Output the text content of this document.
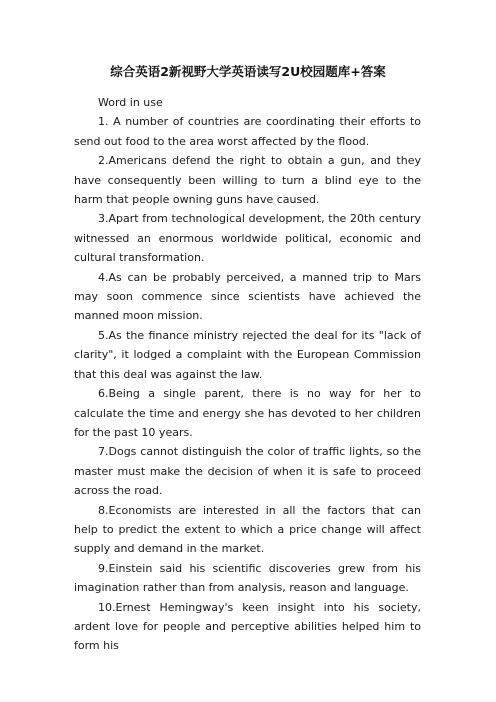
综合英语2新视野大学英语读写2U校园题库+答案

Word in use

1. A number of countries are coordinating their efforts to send out food to the area worst affected by the flood.

2.Americans defend the right to obtain a gun, and they have consequently been willing to turn a blind eye to the harm that people owning guns have caused.

3.Apart from technological development, the 20th century witnessed an enormous worldwide political, economic and cultural transformation.

4.As can be probably perceived, a manned trip to Mars may soon commence since scientists have achieved the manned moon mission.

5.As the finance ministry rejected the deal for its "lack of clarity", it lodged a complaint with the European Commission that this deal was against the law.

6.Being a single parent, there is no way for her to calculate the time and energy she has devoted to her children for the past 10 years.

7.Dogs cannot distinguish the color of traffic lights, so the master must make the decision of when it is safe to proceed across the road.

8.Economists are interested in all the factors that can help to predict the extent to which a price change will affect supply and demand in the market.

9.Einstein said his scientific discoveries grew from his imagination rather than from analysis, reason and language.

10.Ernest Hemingway's keen insight into his society, ardent love for people and perceptive abilities helped him to form his
